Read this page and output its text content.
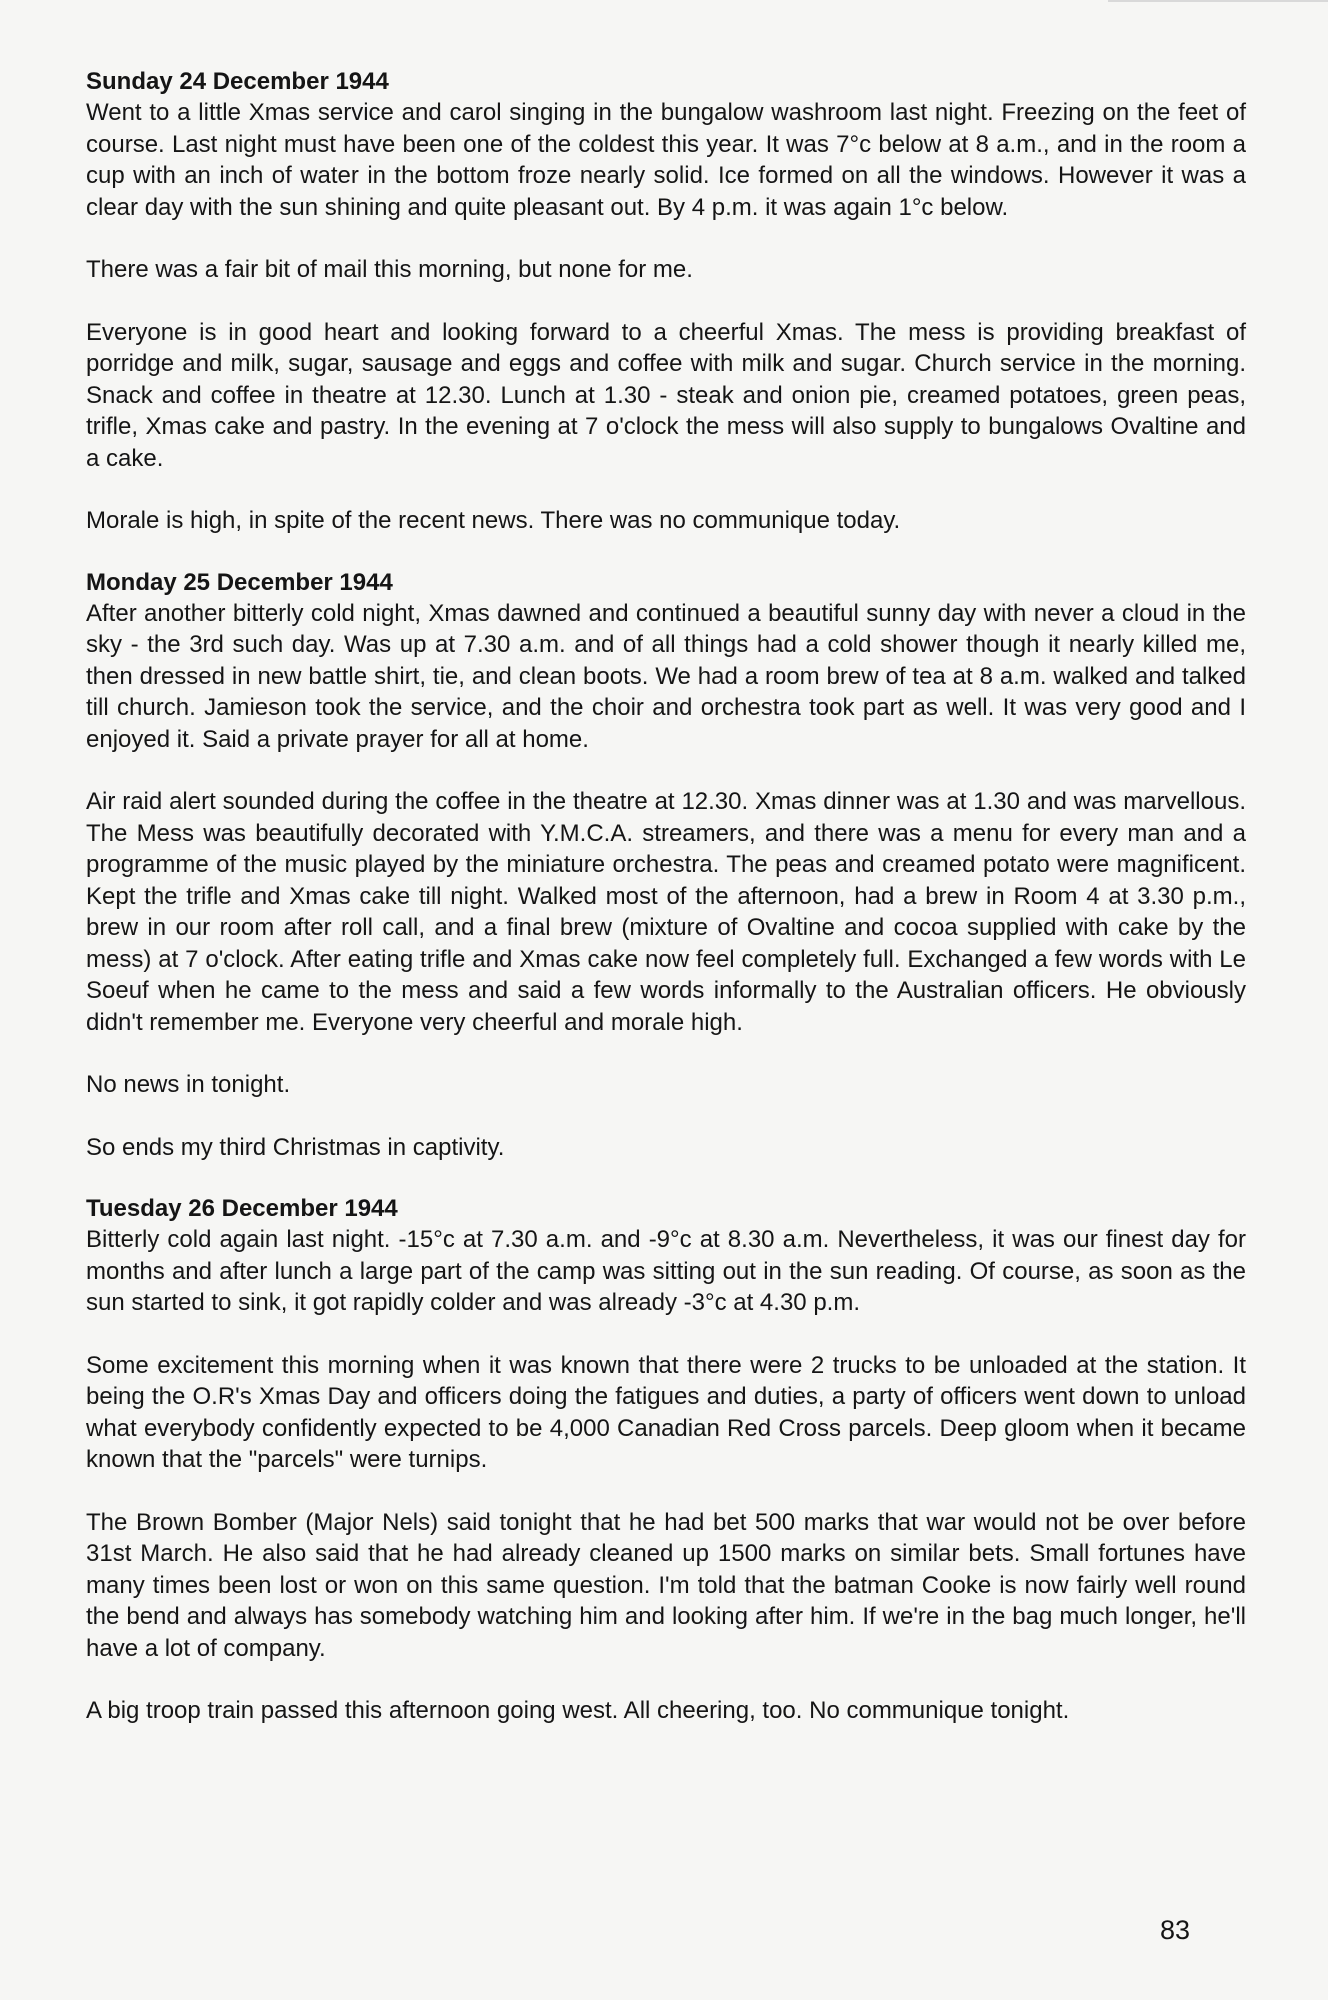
Sunday 24 December 1944

Went to a little Xmas service and carol singing in the bungalow washroom last night. Freezing on the feet of course. Last night must have been one of the coldest this year. It was 7°c below at 8 a.m., and in the room a cup with an inch of water in the bottom froze nearly solid. Ice formed on all the windows. However it was a clear day with the sun shining and quite pleasant out. By 4 p.m. it was again 1°c below.

There was a fair bit of mail this morning, but none for me.

Everyone is in good heart and looking forward to a cheerful Xmas. The mess is providing breakfast of porridge and milk, sugar, sausage and eggs and coffee with milk and sugar. Church service in the morning. Snack and coffee in theatre at 12.30. Lunch at 1.30 - steak and onion pie, creamed potatoes, green peas, trifle, Xmas cake and pastry. In the evening at 7 o'clock the mess will also supply to bungalows Ovaltine and a cake.

Morale is high, in spite of the recent news. There was no communique today.

Monday 25 December 1944

After another bitterly cold night, Xmas dawned and continued a beautiful sunny day with never a cloud in the sky - the 3rd such day. Was up at 7.30 a.m. and of all things had a cold shower though it nearly killed me, then dressed in new battle shirt, tie, and clean boots. We had a room brew of tea at 8 a.m. walked and talked till church. Jamieson took the service, and the choir and orchestra took part as well. It was very good and I enjoyed it. Said a private prayer for all at home.

Air raid alert sounded during the coffee in the theatre at 12.30. Xmas dinner was at 1.30 and was marvellous. The Mess was beautifully decorated with Y.M.C.A. streamers, and there was a menu for every man and a programme of the music played by the miniature orchestra. The peas and creamed potato were magnificent. Kept the trifle and Xmas cake till night. Walked most of the afternoon, had a brew in Room 4 at 3.30 p.m., brew in our room after roll call, and a final brew (mixture of Ovaltine and cocoa supplied with cake by the mess) at 7 o'clock. After eating trifle and Xmas cake now feel completely full. Exchanged a few words with Le Soeuf when he came to the mess and said a few words informally to the Australian officers. He obviously didn't remember me. Everyone very cheerful and morale high.

No news in tonight.

So ends my third Christmas in captivity.

Tuesday 26 December 1944

Bitterly cold again last night. -15°c at 7.30 a.m. and -9°c at 8.30 a.m. Nevertheless, it was our finest day for months and after lunch a large part of the camp was sitting out in the sun reading. Of course, as soon as the sun started to sink, it got rapidly colder and was already -3°c at 4.30 p.m.

Some excitement this morning when it was known that there were 2 trucks to be unloaded at the station. It being the O.R's Xmas Day and officers doing the fatigues and duties, a party of officers went down to unload what everybody confidently expected to be 4,000 Canadian Red Cross parcels. Deep gloom when it became known that the "parcels" were turnips.

The Brown Bomber (Major Nels) said tonight that he had bet 500 marks that war would not be over before 31st March. He also said that he had already cleaned up 1500 marks on similar bets. Small fortunes have many times been lost or won on this same question. I'm told that the batman Cooke is now fairly well round the bend and always has somebody watching him and looking after him. If we're in the bag much longer, he'll have a lot of company.

A big troop train passed this afternoon going west. All cheering, too. No communique tonight.

83
